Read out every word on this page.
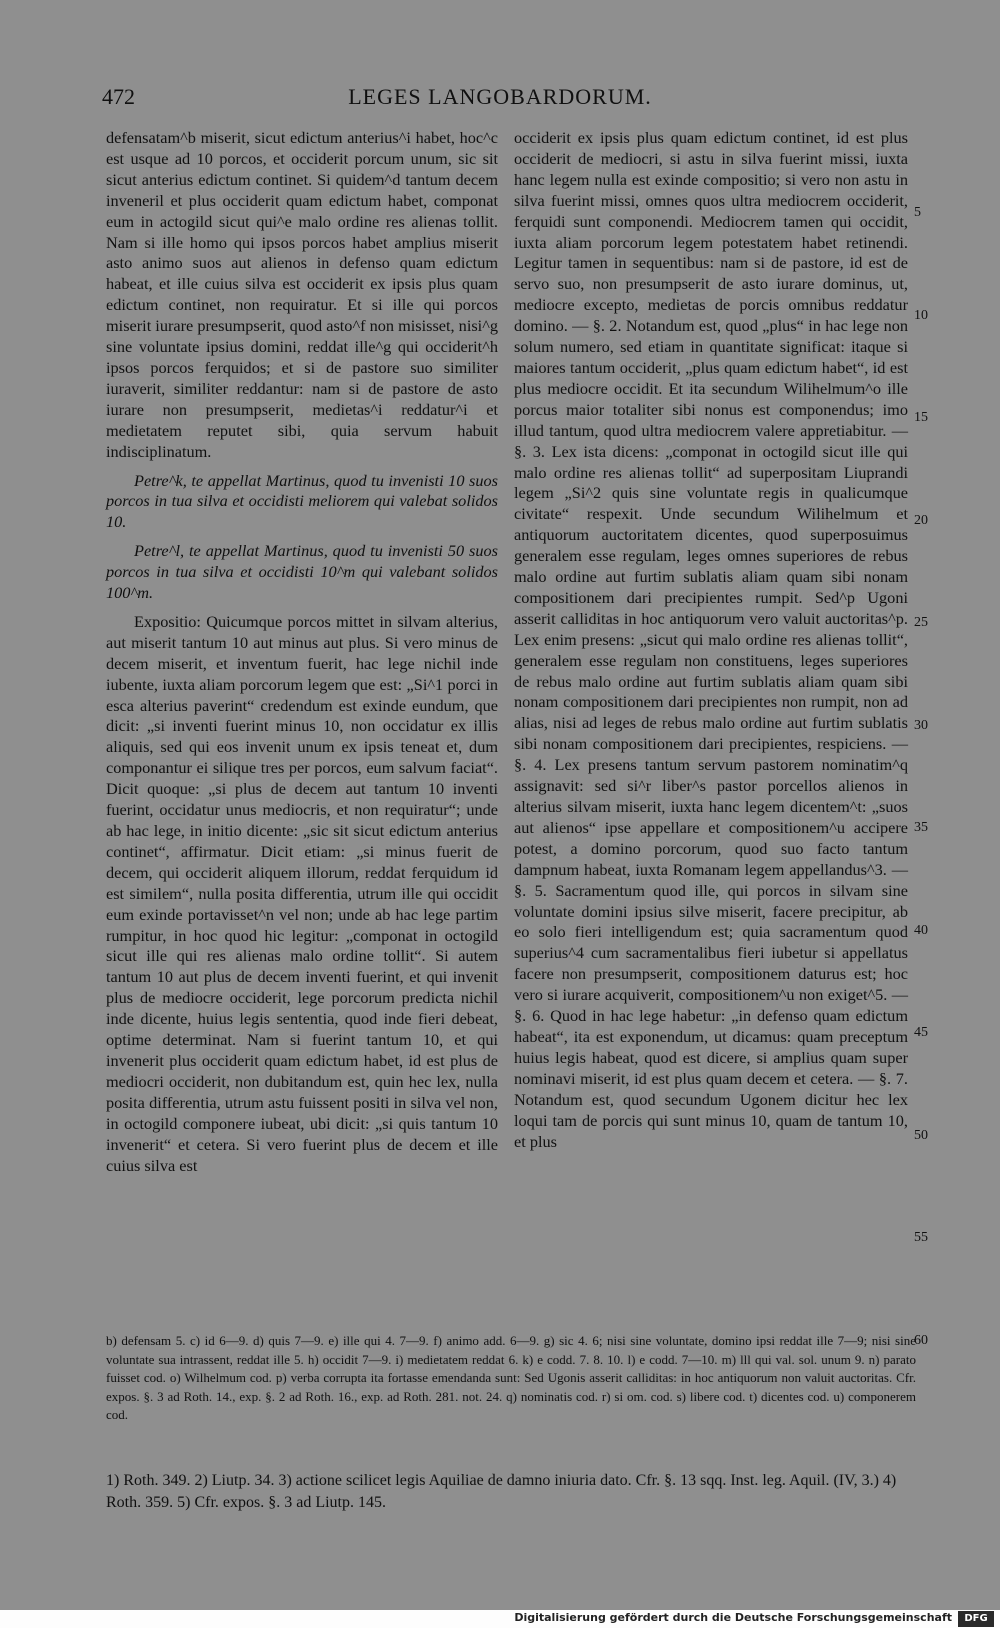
472	LEGES LANGOBARDORUM.

defensatam^b miserit, sicut edictum anterius^i habet, hoc^c est usque ad 10 porcos, et occiderit porcum unum, sic sit sicut anterius edictum continet. Si quidem^d tantum decem inveneril et plus occiderit quam edictum habet, componat eum in actogild sicut qui^e malo ordine res alienas tollit. Nam si ille homo qui ipsos porcos habet amplius miserit asto animo suos aut alienos in defenso quam edictum habeat, et ille cuius silva est occiderit ex ipsis plus quam edictum continet, non requiratur. Et si ille qui porcos miserit iurare presumpserit, quod asto^f non misisset, nisi^g sine voluntate ipsius domini, reddat ille^g qui occiderit^h ipsos porcos ferquidos; et si de pastore suo similiter iuraverit, similiter reddantur: nam si de pastore de asto iurare non presumpserit, medietas^i reddatur^i et medietatem reputet sibi, quia servum habuit indisciplinatum.

Petre^k, te appellat Martinus, quod tu invenisti 10 suos porcos in tua silva et occidisti meliorem qui valebat solidos 10.

Petre^l, te appellat Martinus, quod tu invenisti 50 suos porcos in tua silva et occidisti 10^m qui valebant solidos 100^m.

Expositio: Quicumque porcos mittet in silvam alterius, aut miserit tantum 10 aut minus aut plus. Si vero minus de decem miserit, et inventum fuerit, hac lege nichil inde iubente, iuxta aliam porcorum legem que est: „Si^1 porci in esca alterius paverint“ credendum est exinde eundum, que dicit: „si inventi fuerint minus 10, non occidatur ex illis aliquis, sed qui eos invenit unum ex ipsis teneat et, dum componantur ei silique tres per porcos, eum salvum faciat“. Dicit quoque: „si plus de decem aut tantum 10 inventi fuerint, occidatur unus mediocris, et non requiratur“; unde ab hac lege, in initio dicente: „sic sit sicut edictum anterius continet“, affirmatur. Dicit etiam: „si minus fuerit de decem, qui occiderit aliquem illorum, reddat ferquidum id est similem“, nulla posita differentia, utrum ille qui occidit eum exinde portavisset^n vel non; unde ab hac lege partim rumpitur, in hoc quod hic legitur: „componat in octogild sicut ille qui res alienas malo ordine tollit“. Si autem tantum 10 aut plus de decem inventi fuerint, et qui invenit plus de mediocre occiderit, lege porcorum predicta nichil inde dicente, huius legis sententia, quod inde fieri debeat, optime determinat. Nam si fuerint tantum 10, et qui invenerit plus occiderit quam edictum habet, id est plus de mediocri occiderit, non dubitandum est, quin hec lex, nulla posita differentia, utrum astu fuissent positi in silva vel non, in octogild componere iubeat, ubi dicit: „si quis tantum 10 invenerit“ et cetera. Si vero fuerint plus de decem et ille cuius silva est

occiderit ex ipsis plus quam edictum continet, id est plus occiderit de mediocri, si astu in silva fuerint missi, iuxta hanc legem nulla est exinde compositio; si vero non astu in silva fuerint missi, omnes quos ultra mediocrem occiderit, ferquidi sunt componendi. Mediocrem tamen qui occidit, iuxta aliam porcorum legem potestatem habet retinendi. Legitur tamen in sequentibus: nam si de pastore, id est de servo suo, non presumpserit de asto iurare dominus, ut, mediocre excepto, medietas de porcis omnibus reddatur domino. — §. 2. Notandum est, quod „plus“ in hac lege non solum numero, sed etiam in quantitate significat: itaque si maiores tantum occiderit, „plus quam edictum habet“, id est plus mediocre occidit. Et ita secundum Wilihelmum^o ille porcus maior totaliter sibi nonus est componendus; imo illud tantum, quod ultra mediocrem valere appretiabitur. — §. 3. Lex ista dicens: „componat in octogild sicut ille qui malo ordine res alienas tollit“ ad superpositam Liuprandi legem „Si^2 quis sine voluntate regis in qualicumque civitate“ respexit. Unde secundum Wilihelmum et antiquorum auctoritatem dicentes, quod superposuimus generalem esse regulam, leges omnes superiores de rebus malo ordine aut furtim sublatis aliam quam sibi nonam compositionem dari precipientes rumpit. Sed^p Ugoni asserit calliditas in hoc antiquorum vero valuit auctoritas^p. Lex enim presens: „sicut qui malo ordine res alienas tollit“, generalem esse regulam non constituens, leges superiores de rebus malo ordine aut furtim sublatis aliam quam sibi nonam compositionem dari precipientes non rumpit, non ad alias, nisi ad leges de rebus malo ordine aut furtim sublatis sibi nonam compositionem dari precipientes, respiciens. — §. 4. Lex presens tantum servum pastorem nominatim^q assignavit: sed si^r liber^s pastor porcellos alienos in alterius silvam miserit, iuxta hanc legem dicentem^t: „suos aut alienos“ ipse appellare et compositionem^u accipere potest, a domino porcorum, quod suo facto tantum dampnum habeat, iuxta Romanam legem appellandus^3. — §. 5. Sacramentum quod ille, qui porcos in silvam sine voluntate domini ipsius silve miserit, facere precipitur, ab eo solo fieri intelligendum est; quia sacramentum quod superius^4 cum sacramentalibus fieri iubetur si appellatus facere non presumpserit, compositionem daturus est; hoc vero si iurare acquiverit, compositionem^u non exiget^5. — §. 6. Quod in hac lege habetur: „in defenso quam edictum habeat“, ita est exponendum, ut dicamus: quam preceptum huius legis habeat, quod est dicere, si amplius quam super nominavi miserit, id est plus quam decem et cetera. — §. 7. Notandum est, quod secundum Ugonem dicitur hec lex loqui tam de porcis qui sunt minus 10, quam de tantum 10, et plus

5
10
15
20
25
30
35
40
45
50
55
60
b) defensam 5. c) id 6—9. d) quis 7—9. e) ille qui 4. 7—9. f) animo add. 6—9. g) sic 4. 6; nisi sine voluntate, domino ipsi reddat ille 7—9; nisi sine voluntate sua intrassent, reddat ille 5. h) occidit 7—9. i) medietatem reddat 6. k) e codd. 7. 8. 10. l) e codd. 7—10. m) lll qui val. sol. unum 9. n) parato fuisset cod. o) Wilhelmum cod. p) verba corrupta ita fortasse emendanda sunt: Sed Ugonis asserit calliditas: in hoc antiquorum non valuit auctoritas. Cfr. expos. §. 3 ad Roth. 14., exp. §. 2 ad Roth. 16., exp. ad Roth. 281. not. 24. q) nominatis cod. r) si om. cod. s) libere cod. t) dicentes cod. u) componerem cod.
1) Roth. 349. 2) Liutp. 34. 3) actione scilicet legis Aquiliae de damno iniuria dato. Cfr. §. 13 sqq. Inst. leg. Aquil. (IV, 3.) 4) Roth. 359. 5) Cfr. expos. §. 3 ad Liutp. 145.
Digitalisierung gefördert durch die Deutsche Forschungsgemeinschaft	DFG
